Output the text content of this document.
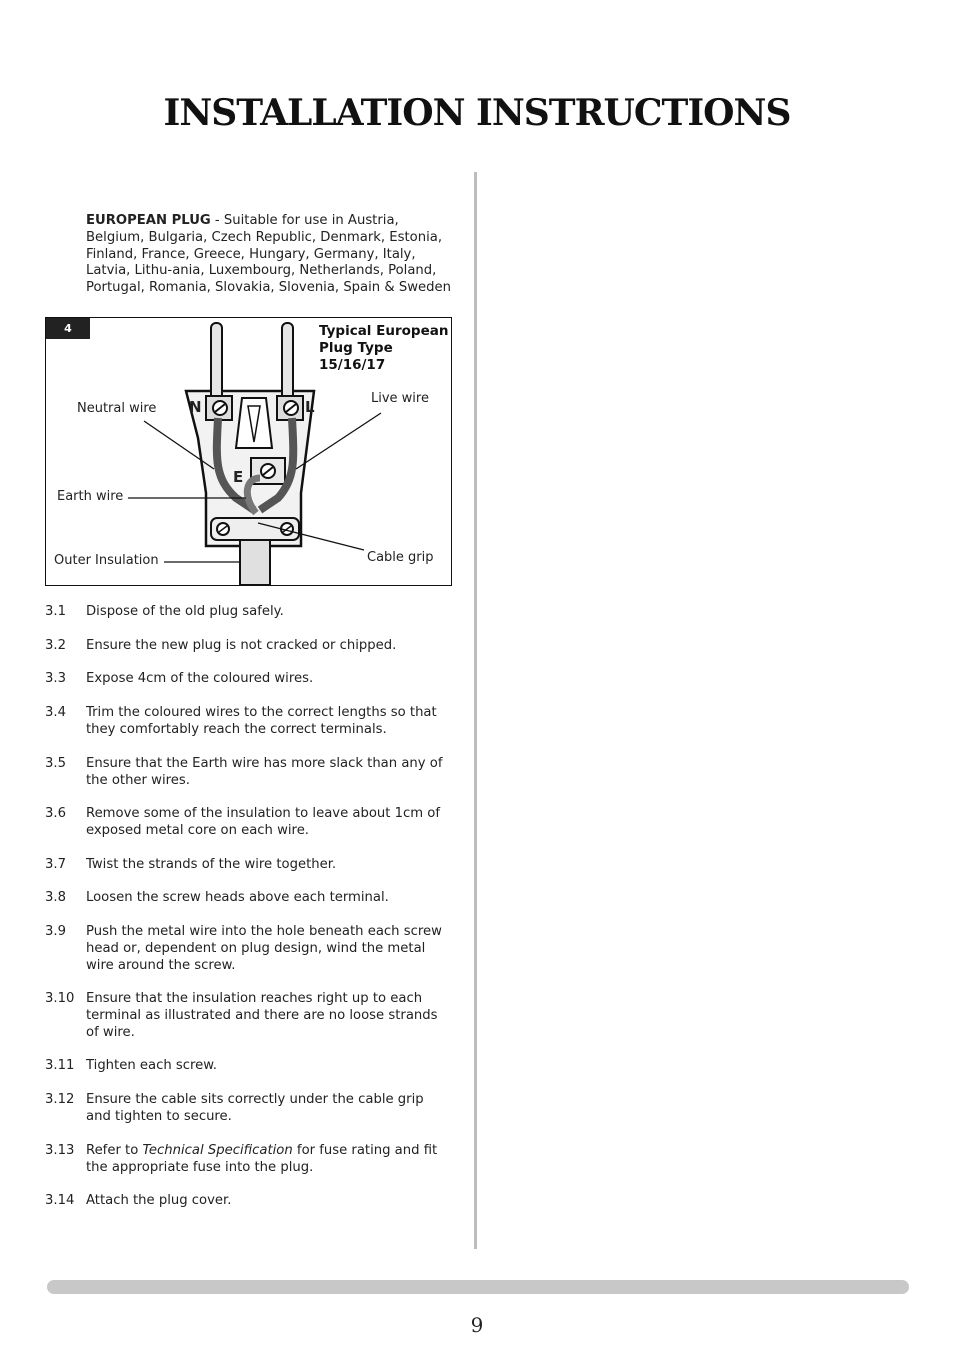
INSTALLATION INSTRUCTIONS

EUROPEAN PLUG - Suitable for use in Austria, Belgium, Bulgaria, Czech Republic, Denmark, Estonia, Finland, France, Greece, Hungary, Germany, Italy, Latvia, Lithu-ania, Luxembourg, Netherlands, Poland, Portugal, Romania, Slovakia, Slovenia, Spain & Sweden

4	Typical European Plug Type 15/16/17
N	L
E
Neutral wire
Live wire
Earth wire
Outer Insulation	Cable grip
3.1 Dispose of the old plug safely.
3.2 Ensure the new plug is not cracked or chipped.
3.3 Expose 4cm of the coloured wires.
3.4 Trim the coloured wires to the correct lengths so that they comfortably reach the correct terminals.
3.5 Ensure that the Earth wire has more slack than any of the other wires.
3.6 Remove some of the insulation to leave about 1cm of exposed metal core on each wire.
3.7 Twist the strands of the wire together.
3.8 Loosen the screw heads above each terminal.
3.9 Push the metal wire into the hole beneath each screw head or, dependent on plug design, wind the metal wire around the screw.
3.10 Ensure that the insulation reaches right up to each terminal as illustrated and there are no loose strands of wire.
3.11 Tighten each screw.
3.12 Ensure the cable sits correctly under the cable grip and tighten to secure.
3.13 Refer to Technical Specification for fuse rating and fit the appropriate fuse into the plug.
3.14 Attach the plug cover.
9
